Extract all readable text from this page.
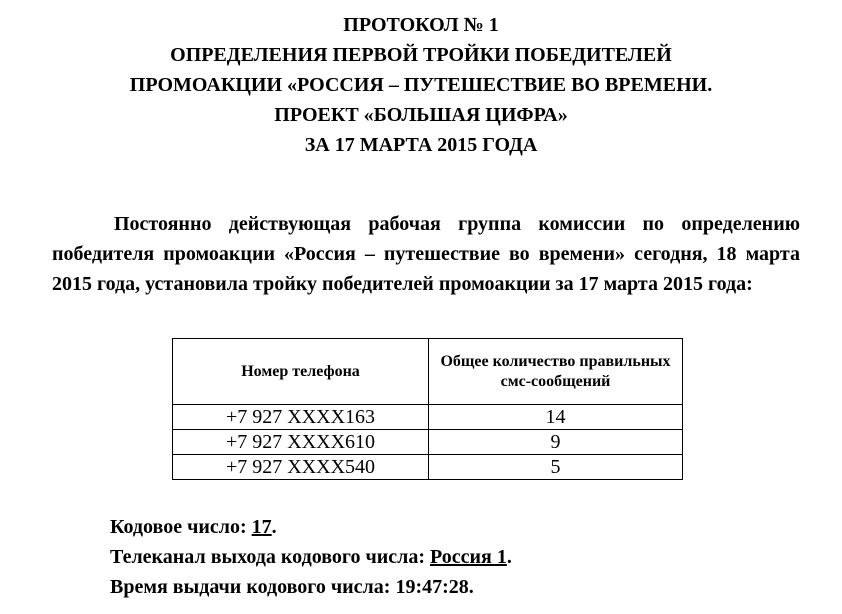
ПРОТОКОЛ № 1
ОПРЕДЕЛЕНИЯ ПЕРВОЙ ТРОЙКИ ПОБЕДИТЕЛЕЙ
ПРОМОАКЦИИ «РОССИЯ – ПУТЕШЕСТВИЕ ВО ВРЕМЕНИ.
ПРОЕКТ «БОЛЬШАЯ ЦИФРА»
ЗА 17 МАРТА 2015 ГОДА

Постоянно действующая рабочая группа комиссии по определению победителя промоакции «Россия – путешествие во времени» сегодня, 18 марта 2015 года, установила тройку победителей промоакции за 17 марта 2015 года:

Номер телефона	Общее количество правильных смс-сообщений
+7 927 XXXX163	14
+7 927 XXXX610	9
+7 927 XXXX540	5
Кодовое число: 17.
Телеканал выхода кодового числа: Россия 1.
Время выдачи кодового числа: 19:47:28.
